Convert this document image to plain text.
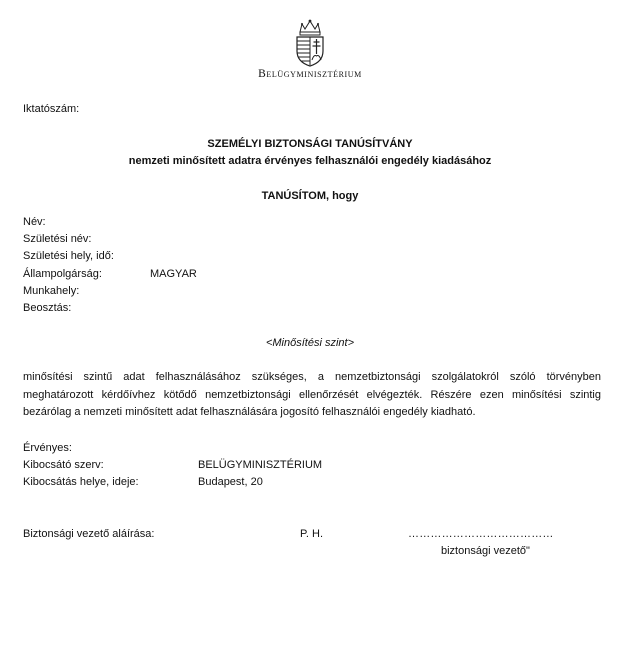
Belügyminisztérium
Iktatószám:
SZEMÉLYI BIZTONSÁGI TANÚSÍTVÁNY
nemzeti minősített adatra érvényes felhasználói engedély kiadásához
TANÚSÍTOM, hogy
Név:
Születési név:
Születési hely, idő:
Állampolgárság:	MAGYAR
Munkahely:
Beosztás:
<Minősítési szint>
minősítési szintű adat felhasználásához szükséges, a nemzetbiztonsági szolgálatokról szóló törvényben
meghatározott kérdőívhez kötődő nemzetbiztonsági ellenőrzését elvégezték. Részére ezen minősítési szintig
bezárólag a nemzeti minősített adat felhasználására jogosító felhasználói engedély kiadható.
Érvényes:
Kibocsátó szerv:	BELÜGYMINISZTÉRIUM
Kibocsátás helye, ideje:	Budapest, 20
Biztonsági vezető aláírása:	P. H.	…………………………………
biztonsági vezető"
